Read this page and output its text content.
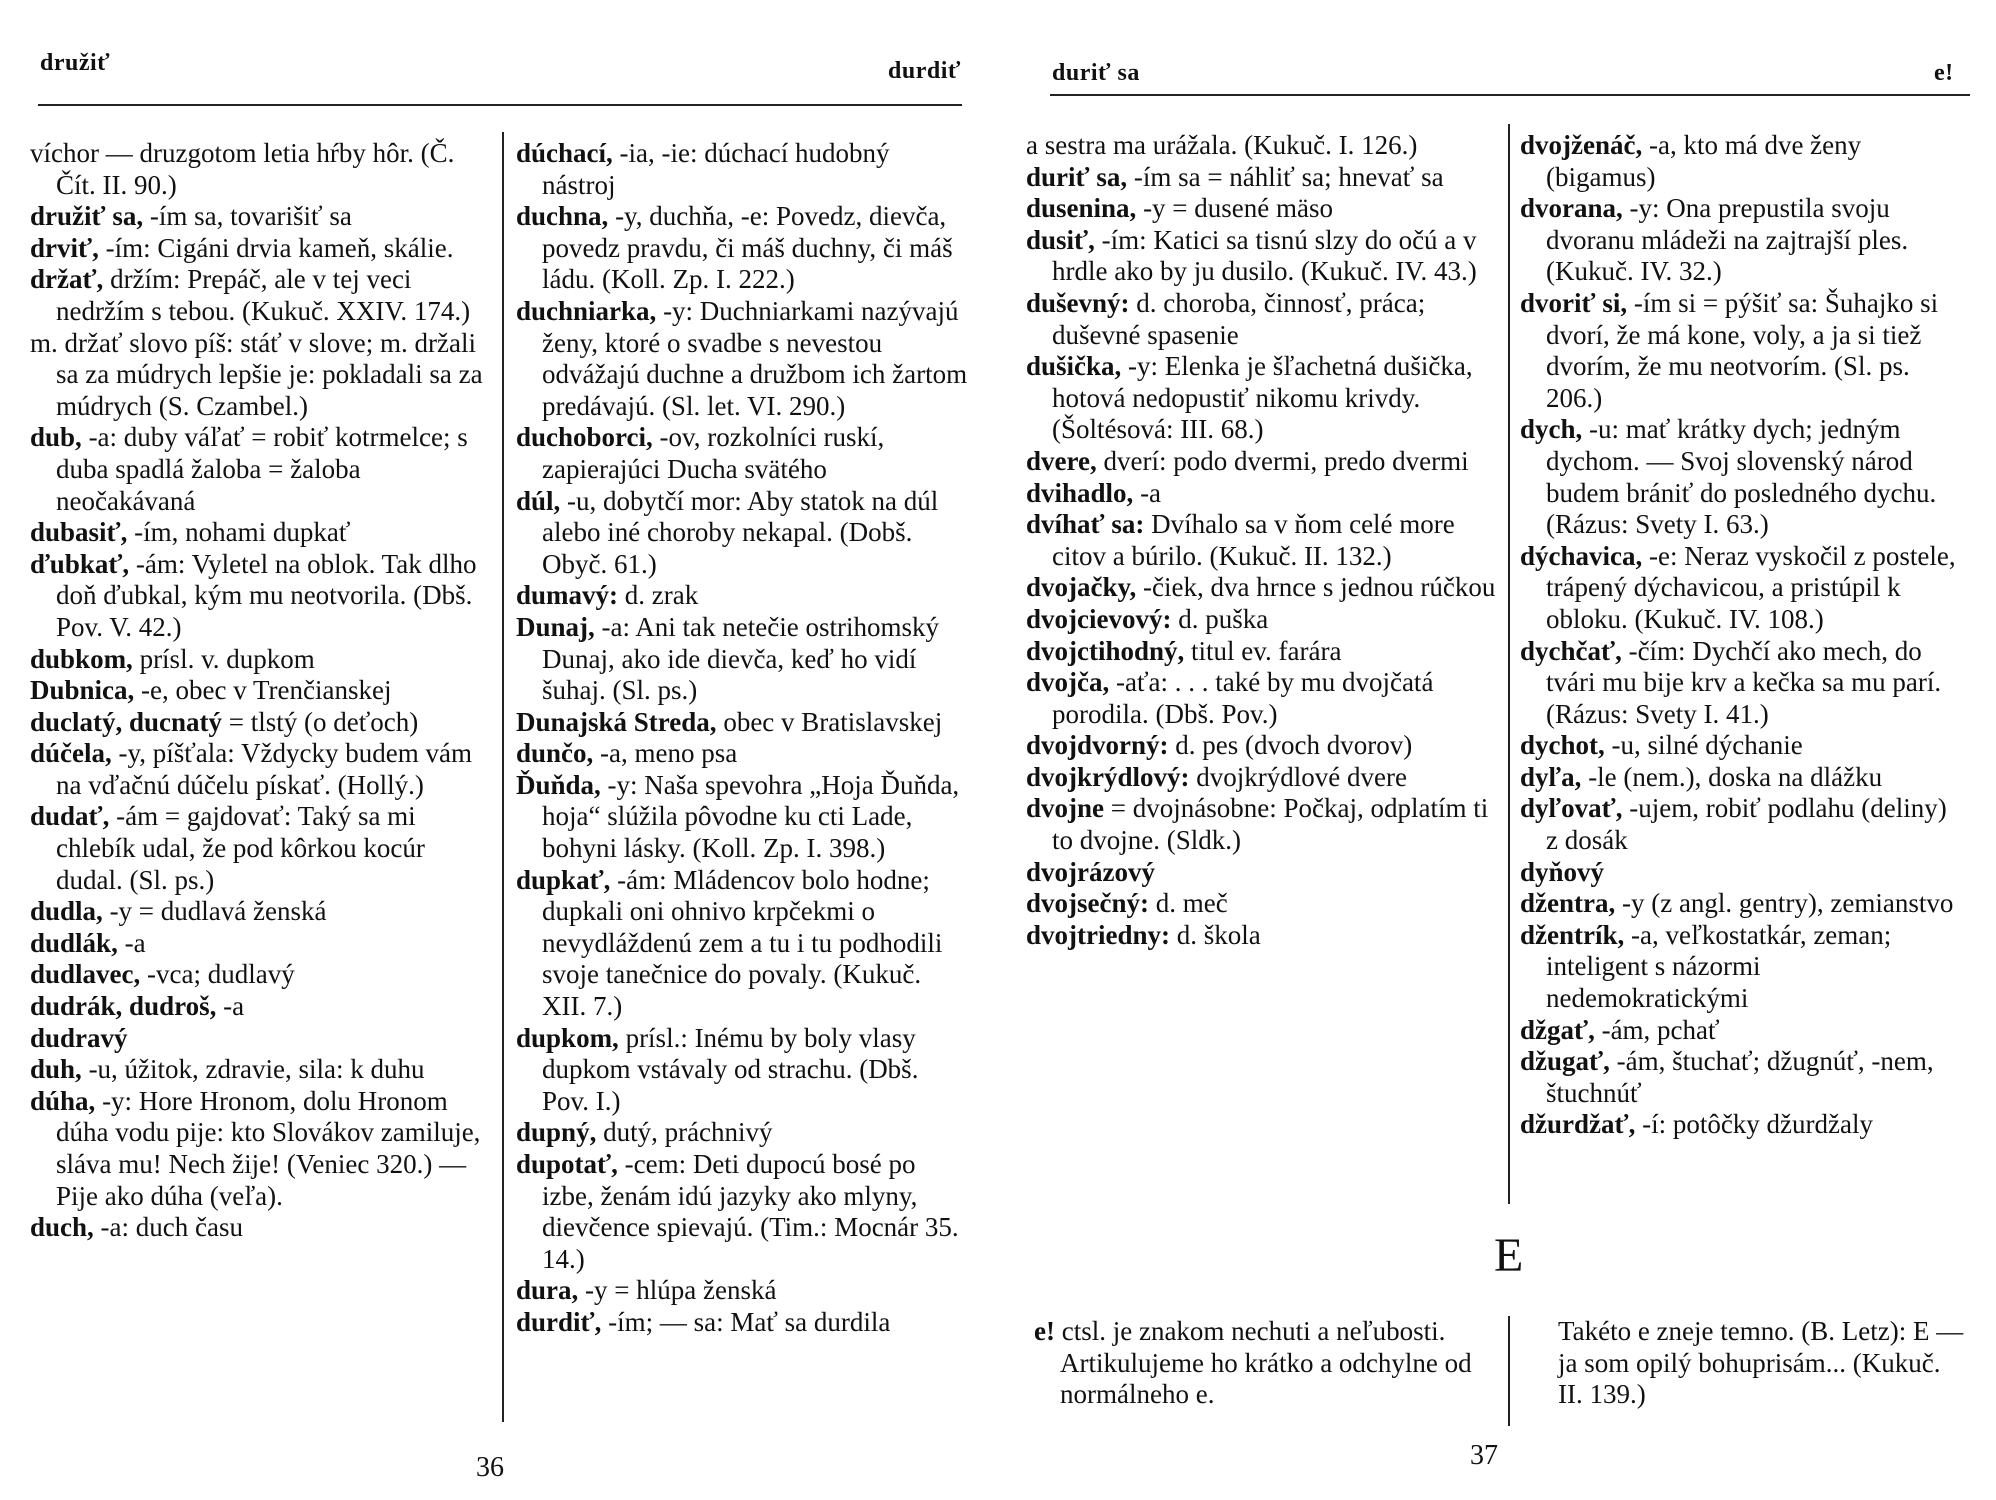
družiť	durdiť

víchor — druzgotom letia hŕby hôr. (Č. Čít. II. 90.)

družiť sa, -ím sa, tovarišiť sa

drviť, -ím: Cigáni drvia kameň, skálie.

držať, držím: Prepáč, ale v tej veci nedržím s tebou. (Kukuč. XXIV. 174.)

m. držať slovo píš: stáť v slove; m. držali sa za múdrych lepšie je: pokladali sa za múdrych (S. Czambel.)

dub, -a: duby váľať = robiť kotrmelce; s duba spadlá žaloba = žaloba neočakávaná

dubasiť, -ím, nohami dupkať

ďubkať, -ám: Vyletel na oblok. Tak dlho doň ďubkal, kým mu neotvorila. (Dbš. Pov. V. 42.)

dubkom, prísl. v. dupkom

Dubnica, -e, obec v Trenčianskej

duclatý, ducnatý = tlstý (o deťoch)

dúčela, -y, píšťala: Vždycky budem vám na vďačnú dúčelu pískať. (Hollý.)

dudať, -ám = gajdovať: Taký sa mi chlebík udal, že pod kôrkou kocúr dudal. (Sl. ps.)

dudla, -y = dudlavá ženská

dudlák, -a

dudlavec, -vca; dudlavý

dudrák, dudroš, -a

dudravý

duh, -u, úžitok, zdravie, sila: k duhu

dúha, -y: Hore Hronom, dolu Hronom dúha vodu pije: kto Slovákov zamiluje, sláva mu! Nech žije! (Veniec 320.) — Pije ako dúha (veľa).

duch, -a: duch času

dúchací, -ia, -ie: dúchací hudobný nástroj

duchna, -y, duchňa, -e: Povedz, dievča, povedz pravdu, či máš duchny, či máš ládu. (Koll. Zp. I. 222.)

duchniarka, -y: Duchniarkami nazývajú ženy, ktoré o svadbe s nevestou odvážajú duchne a družbom ich žartom predávajú. (Sl. let. VI. 290.)

duchoborci, -ov, rozkolníci ruskí, zapierajúci Ducha svätého

dúl, -u, dobytčí mor: Aby statok na dúl alebo iné choroby nekapal. (Dobš. Obyč. 61.)

dumavý: d. zrak

Dunaj, -a: Ani tak netečie ostrihomský Dunaj, ako ide dievča, keď ho vidí šuhaj. (Sl. ps.)

Dunajská Streda, obec v Bratislavskej

dunčo, -a, meno psa

Ďuňda, -y: Naša spevohra „Hoja Ďuňda, hoja“ slúžila pôvodne ku cti Lade, bohyni lásky. (Koll. Zp. I. 398.)

dupkať, -ám: Mládencov bolo hodne; dupkali oni ohnivo krpčekmi o nevydláždenú zem a tu i tu podhodili svoje tanečnice do povaly. (Kukuč. XII. 7.)

dupkom, prísl.: Inému by boly vlasy dupkom vstávaly od strachu. (Dbš. Pov. I.)

dupný, dutý, práchnivý

dupotať, -cem: Deti dupocú bosé po izbe, ženám idú jazyky ako mlyny, dievčence spievajú. (Tim.: Mocnár 35. 14.)

dura, -y = hlúpa ženská

durdiť, -ím; — sa: Mať sa durdila

36
duriť sa	e!

a sestra ma urážala. (Kukuč. I. 126.)

duriť sa, -ím sa = náhliť sa; hnevať sa

dusenina, -y = dusené mäso

dusiť, -ím: Katici sa tisnú slzy do očú a v hrdle ako by ju dusilo. (Kukuč. IV. 43.)

duševný: d. choroba, činnosť, práca; duševné spasenie

dušička, -y: Elenka je šľachetná dušička, hotová nedopustiť nikomu krivdy. (Šoltésová: III. 68.)

dvere, dverí: podo dvermi, predo dvermi

dvihadlo, -a

dvíhať sa: Dvíhalo sa v ňom celé more citov a búrilo. (Kukuč. II. 132.)

dvojačky, -čiek, dva hrnce s jednou rúčkou

dvojcievový: d. puška

dvojctihodný, titul ev. farára

dvojča, -aťa: . . . také by mu dvojčatá porodila. (Dbš. Pov.)

dvojdvorný: d. pes (dvoch dvorov)

dvojkrýdlový: dvojkrýdlové dvere

dvojne = dvojnásobne: Počkaj, odplatím ti to dvojne. (Sldk.)

dvojrázový

dvojsečný: d. meč

dvojtriedny: d. škola

dvojženáč, -a, kto má dve ženy (bigamus)

dvorana, -y: Ona prepustila svoju dvoranu mládeži na zajtrajší ples. (Kukuč. IV. 32.)

dvoriť si, -ím si = pýšiť sa: Šuhajko si dvorí, že má kone, voly, a ja si tiež dvorím, že mu neotvorím. (Sl. ps. 206.)

dych, -u: mať krátky dych; jedným dychom. — Svoj slovenský národ budem brániť do posledného dychu. (Rázus: Svety I. 63.)

dýchavica, -e: Neraz vyskočil z postele, trápený dýchavicou, a pristúpil k obloku. (Kukuč. IV. 108.)

dychčať, -čím: Dychčí ako mech, do tvári mu bije krv a kečka sa mu parí. (Rázus: Svety I. 41.)

dychot, -u, silné dýchanie

dyľa, -le (nem.), doska na dlážku

dyľovať, -ujem, robiť podlahu (deliny) z dosák

dyňový

džentra, -y (z angl. gentry), zemianstvo

džentrík, -a, veľkostatkár, zeman; inteligent s názormi nedemokratickými

džgať, -ám, pchať

džugať, -ám, štuchať; džugnúť, -nem, štuchnúť

džurdžať, -í: potôčky džurdžaly

E

e! ctsl. je znakom nechuti a neľubosti. Artikulujeme ho krátko a odchylne od normálneho e.

Takéto e zneje temno. (B. Letz): E — ja som opilý bohuprisám... (Kukuč. II. 139.)

37
